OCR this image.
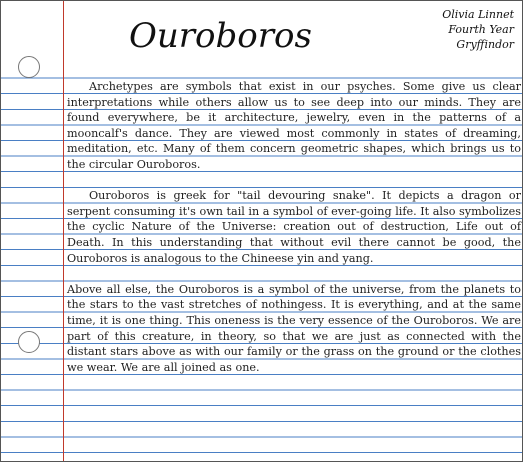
Ouroboros
Olivia Linnet
Fourth Year
Gryffindor

Archetypes are symbols that exist in our psyches. Some give us clear interpretations while others allow us to see deep into our minds. They are found everywhere, be it architecture, jewelry, even in the patterns of a mooncalf's dance. They are viewed most commonly in states of dreaming, meditation, etc. Many of them concern geometric shapes, which brings us to the circular Ouroboros.

Ouroboros is greek for "tail devouring snake". It depicts a dragon or serpent consuming it's own tail in a symbol of ever-going life. It also symbolizes the cyclic Nature of the Universe: creation out of destruction, Life out of Death. In this understanding that without evil there cannot be good, the Ouroboros is analogous to the Chineese yin and yang.

Above all else, the Ouroboros is a symbol of the universe, from the planets to the stars to the vast stretches of nothingess. It is everything, and at the same time, it is one thing. This oneness is the very essence of the Ouroboros. We are part of this creature, in theory, so that we are just as connected with the distant stars above as with our family or the grass on the ground or the clothes we wear. We are all joined as one.
